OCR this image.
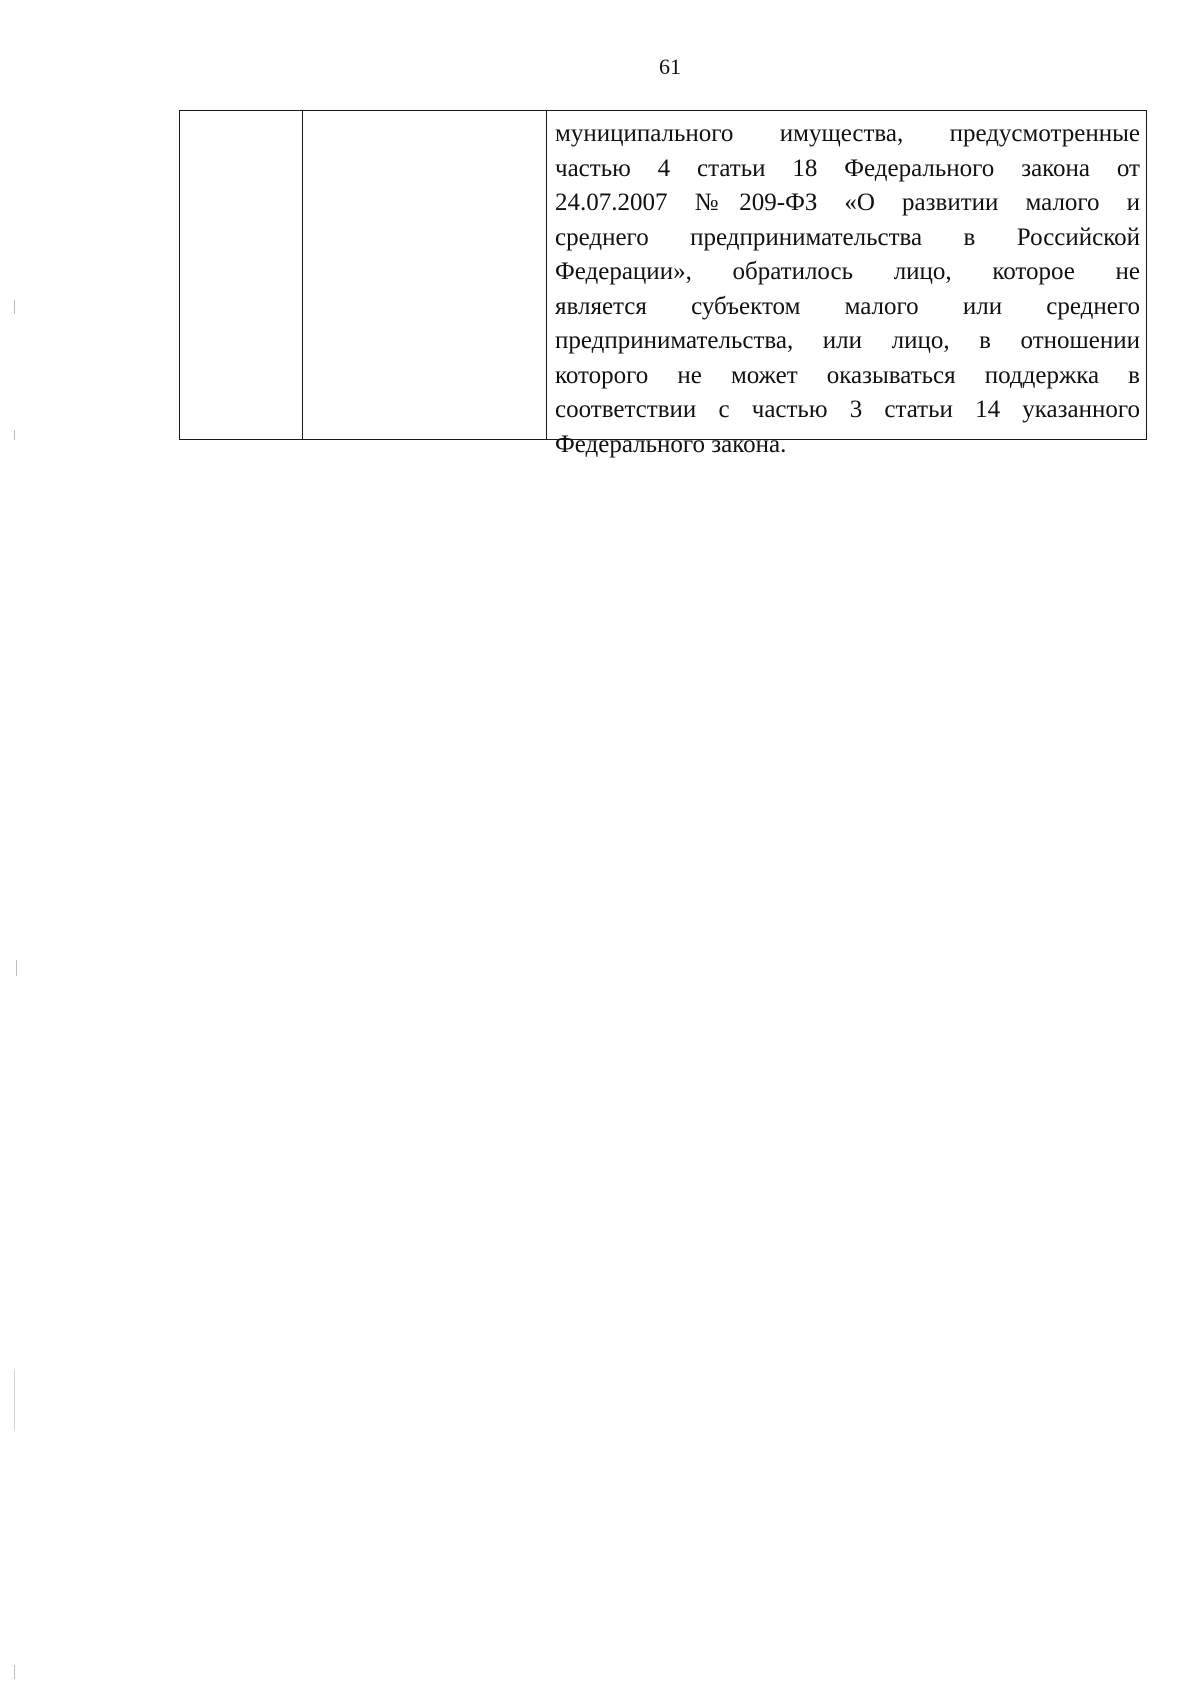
61

муниципального имущества, предусмотренные
частью 4 статьи 18 Федерального закона от
24.07.2007 №209-ФЗ «О развитии малого и
среднего предпринимательства в Российской
Федерации», обратилось лицо, которое не
является субъектом малого или среднего
предпринимательства, или лицо, в отношении
которого не может оказываться поддержка в
соответствии с частью 3 статьи 14 указанного
Федерального закона.
